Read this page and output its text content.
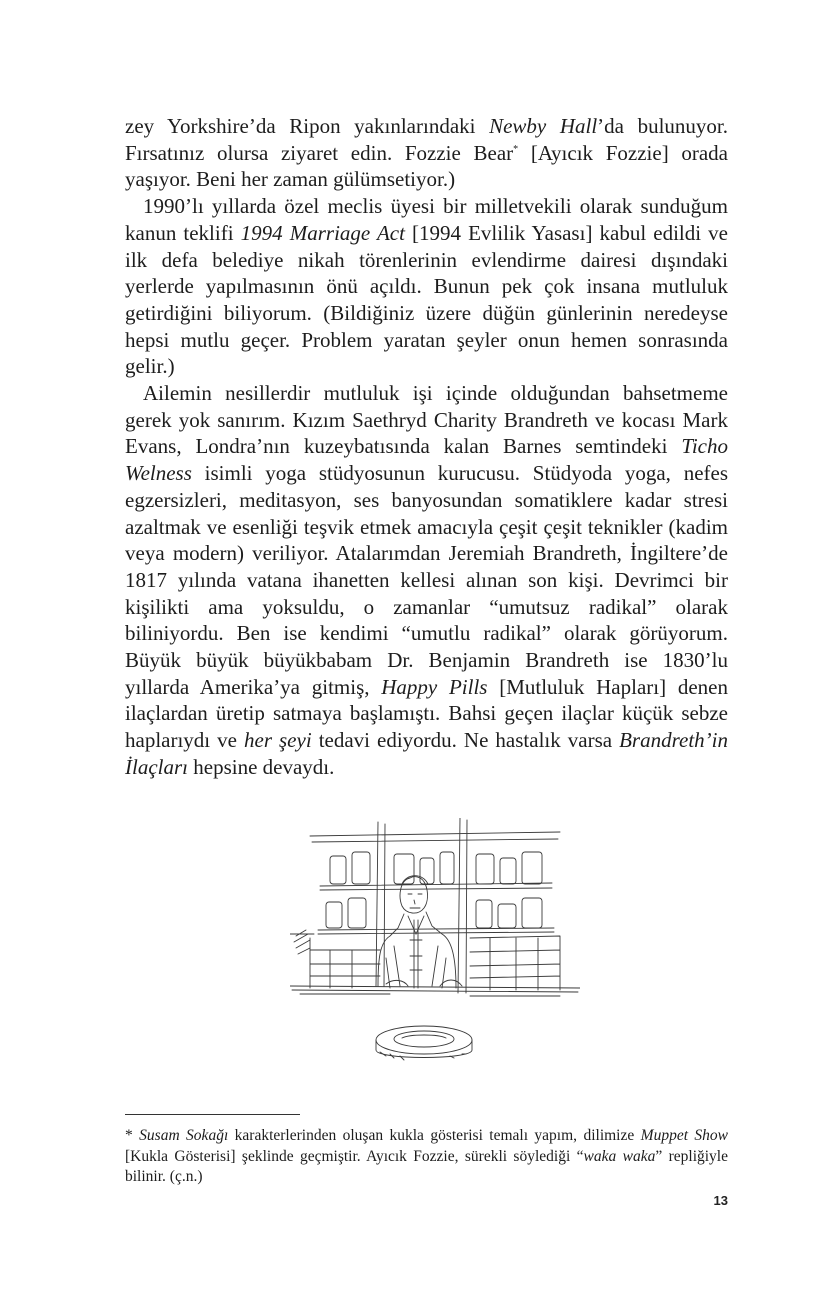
zey Yorkshire’da Ripon yakınlarındaki Newby Hall’da bulunuyor. Fırsatınız olursa ziyaret edin. Fozzie Bear* [Ayıcık Fozzie] orada yaşıyor. Beni her zaman gülümsetiyor.)

1990’lı yıllarda özel meclis üyesi bir milletvekili olarak sunduğum kanun teklifi 1994 Marriage Act [1994 Evlilik Yasası] kabul edildi ve ilk defa belediye nikah törenlerinin evlendirme dairesi dışındaki yerlerde yapılmasının önü açıldı. Bunun pek çok insana mutluluk getirdiğini biliyorum. (Bildiğiniz üzere düğün günlerinin neredeyse hepsi mutlu geçer. Problem yaratan şeyler onun hemen sonrasında gelir.)

Ailemin nesillerdir mutluluk işi içinde olduğundan bahsetmeme gerek yok sanırım. Kızım Saethryd Charity Brandreth ve kocası Mark Evans, Londra’nın kuzeybatısında kalan Barnes semtindeki Ticho Welness isimli yoga stüdyosunun kurucusu. Stüdyoda yoga, nefes egzersizleri, meditasyon, ses banyosundan somatiklere kadar stresi azaltmak ve esenliği teşvik etmek amacıyla çeşit çeşit teknikler (kadim veya modern) veriliyor. Atalarımdan Jeremiah Brandreth, İngiltere’de 1817 yılında vatana ihanetten kellesi alınan son kişi. Devrimci bir kişilikti ama yoksuldu, o zamanlar “umutsuz radikal” olarak biliniyordu. Ben ise kendimi “umutlu radikal” olarak görüyorum. Büyük büyük büyükbabam Dr. Benjamin Brandreth ise 1830’lu yıllarda Amerika’ya gitmiş, Happy Pills [Mutluluk Hapları] denen ilaçlardan üretip satmaya başlamıştı. Bahsi geçen ilaçlar küçük sebze haplarıydı ve her şeyi tedavi ediyordu. Ne hastalık varsa Brandreth’in İlaçları hepsine devaydı.

* Susam Sokağı karakterlerinden oluşan kukla gösterisi temalı yapım, dilimize Muppet Show [Kukla Gösterisi] şeklinde geçmiştir. Ayıcık Fozzie, sürekli söylediği “waka waka” repliğiyle bilinir. (ç.n.)

13
